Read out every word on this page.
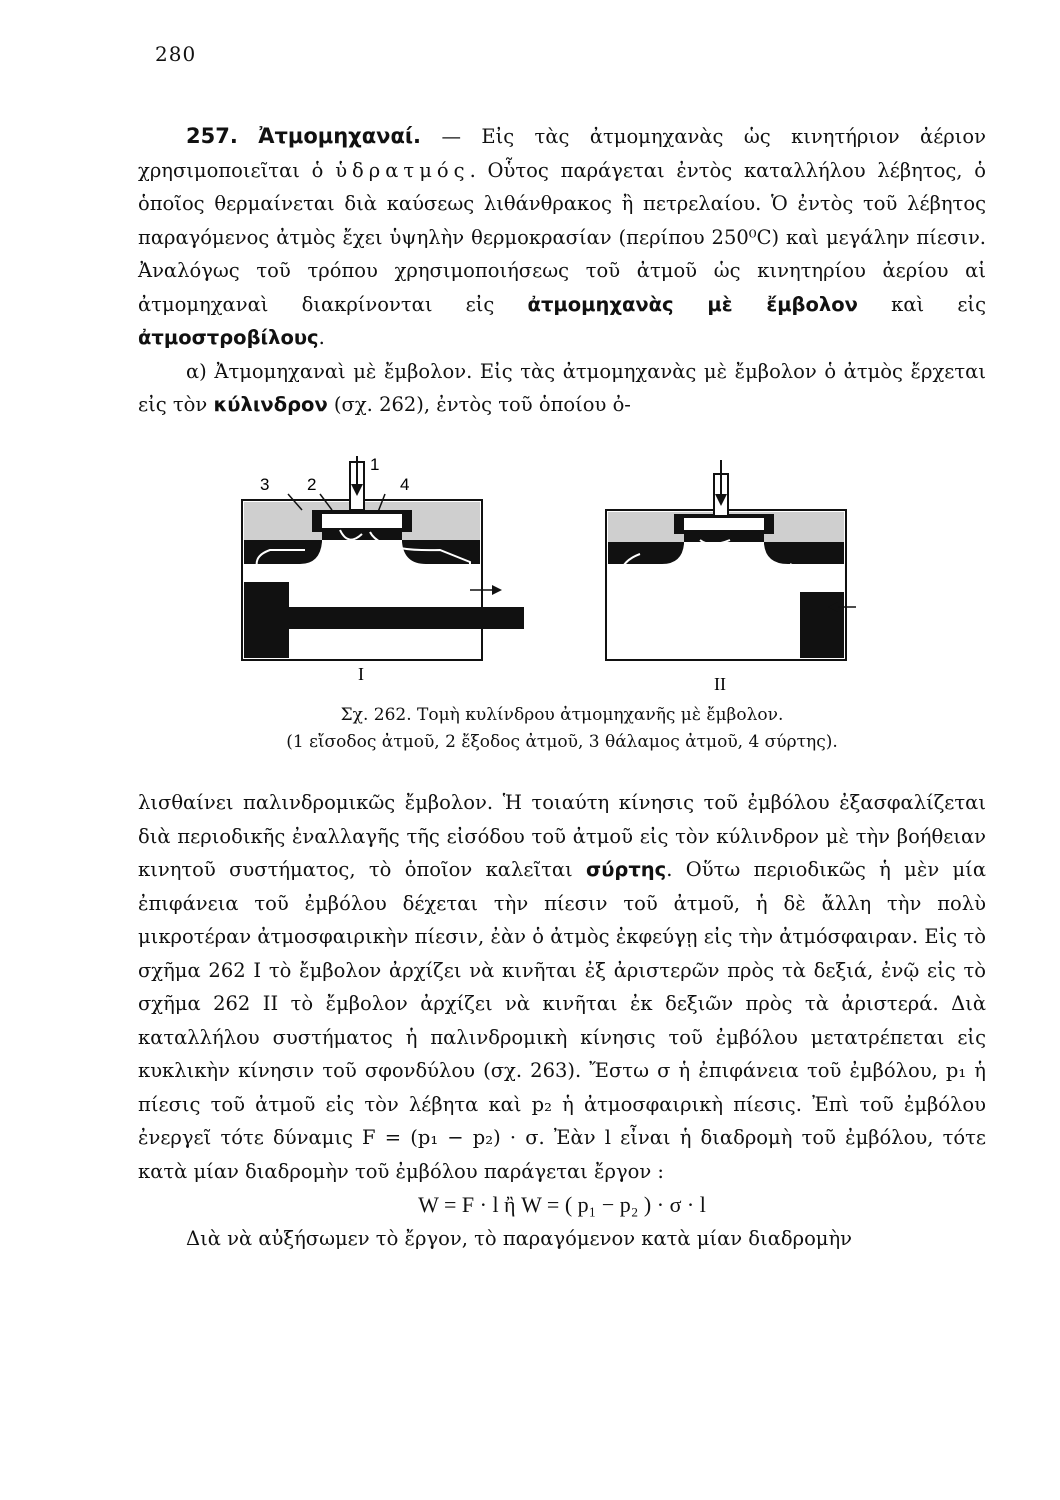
280

257. Ἀτμομηχαναί. — Εἰς τὰς ἀτμομηχανὰς ὡς κινητήριον ἀέριον χρησιμοποιεῖται ὁ ὑδρατμός. Οὗτος παράγεται ἐντὸς καταλλήλου λέβητος, ὁ ὁποῖος θερμαίνεται διὰ καύσεως λιθάνθρακος ἢ πετρελαίου. Ὁ ἐντὸς τοῦ λέβητος παραγόμενος ἀτμὸς ἔχει ὑψηλὴν θερμοκρασίαν (περίπου 250⁰C) καὶ μεγάλην πίεσιν. Ἀναλόγως τοῦ τρόπου χρησιμοποιήσεως τοῦ ἀτμοῦ ὡς κινητηρίου ἀερίου αἱ ἀτμομηχαναὶ διακρίνονται εἰς ἀτμομηχανὰς μὲ ἔμβολον καὶ εἰς ἀτμοστροβίλους.

α) Ἀτμομηχαναὶ μὲ ἔμβολον. Εἰς τὰς ἀτμομηχανὰς μὲ ἔμβολον ὁ ἀτμὸς ἔρχεται εἰς τὸν κύλινδρον (σχ. 262), ἐντὸς τοῦ ὁποίου ὀ-

3 2
1
4
I	II

Σχ. 262. Τομὴ κυλίνδρου ἀτμομηχανῆς μὲ ἔμβολον.

(1 εἴσοδος ἀτμοῦ, 2 ἔξοδος ἀτμοῦ, 3 θάλαμος ἀτμοῦ, 4 σύρτης).

λισθαίνει παλινδρομικῶς ἔμβολον. Ἡ τοιαύτη κίνησις τοῦ ἐμβόλου ἐξασφαλίζεται διὰ περιοδικῆς ἐναλλαγῆς τῆς εἰσόδου τοῦ ἀτμοῦ εἰς τὸν κύλινδρον μὲ τὴν βοήθειαν κινητοῦ συστήματος, τὸ ὁποῖον καλεῖται σύρτης. Οὕτω περιοδικῶς ἡ μὲν μία ἐπιφάνεια τοῦ ἐμβόλου δέχεται τὴν πίεσιν τοῦ ἀτμοῦ, ἡ δὲ ἄλλη τὴν πολὺ μικροτέραν ἀτμοσφαιρικὴν πίεσιν, ἐὰν ὁ ἀτμὸς ἐκφεύγῃ εἰς τὴν ἀτμόσφαιραν. Εἰς τὸ σχῆμα 262 I τὸ ἔμβολον ἀρχίζει νὰ κινῆται ἐξ ἀριστερῶν πρὸς τὰ δεξιά, ἐνῷ εἰς τὸ σχῆμα 262 II τὸ ἔμβολον ἀρχίζει νὰ κινῆται ἐκ δεξιῶν πρὸς τὰ ἀριστερά. Διὰ καταλλήλου συστήματος ἡ παλινδρομικὴ κίνησις τοῦ ἐμβόλου μετατρέπεται εἰς κυκλικὴν κίνησιν τοῦ σφονδύλου (σχ. 263). Ἔστω σ ἡ ἐπιφάνεια τοῦ ἐμβόλου, p₁ ἡ πίεσις τοῦ ἀτμοῦ εἰς τὸν λέβητα καὶ p₂ ἡ ἀτμοσφαιρικὴ πίεσις. Ἐπὶ τοῦ ἐμβόλου ἐνεργεῖ τότε δύναμις F = (p₁ − p₂) · σ. Ἐὰν l εἶναι ἡ διαδρομὴ τοῦ ἐμβόλου, τότε κατὰ μίαν διαδρομὴν τοῦ ἐμβόλου παράγεται ἔργον :

W = F · l ἢ W = ( p₁ − p₂ ) · σ · l

Διὰ νὰ αὐξήσωμεν τὸ ἔργον, τὸ παραγόμενον κατὰ μίαν διαδρομὴν
